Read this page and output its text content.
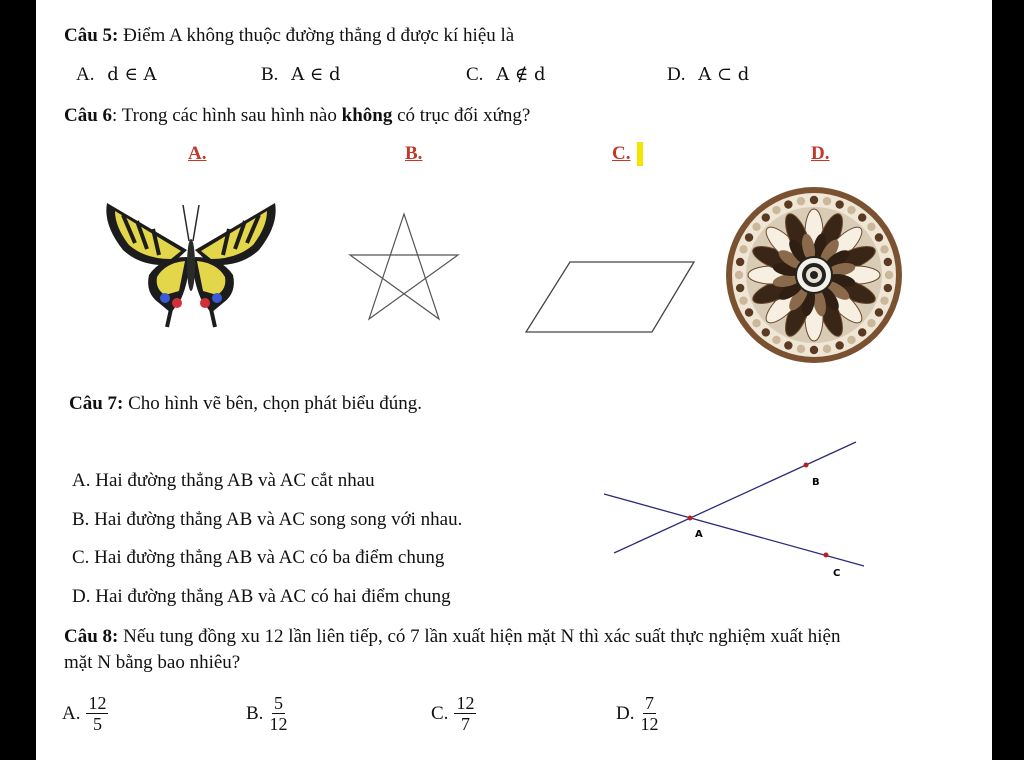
Câu 5: Điểm A không thuộc đường thẳng d được kí hiệu là
A. d ∈ A	B. A ∈ d	C. A ∉ d	D. A ⊂ d
Câu 6: Trong các hình sau hình nào không có trục đối xứng?
A.	B.	C.	D.
Câu 7: Cho hình vẽ bên, chọn phát biểu đúng.
A. Hai đường thẳng AB và AC cắt nhau
B. Hai đường thẳng AB và AC song song với nhau.
C. Hai đường thẳng AB và AC có ba điểm chung
D. Hai đường thẳng AB và AC có hai điểm chung
A
B
C
Câu 8: Nếu tung đồng xu 12 lần liên tiếp, có 7 lần xuất hiện mặt N thì xác suất thực nghiệm xuất hiện
mặt N bằng bao nhiêu?
A. $\frac{12}{5}$	B. $\frac{5}{12}$	C. $\frac{12}{7}$	D. $\frac{7}{12}$
